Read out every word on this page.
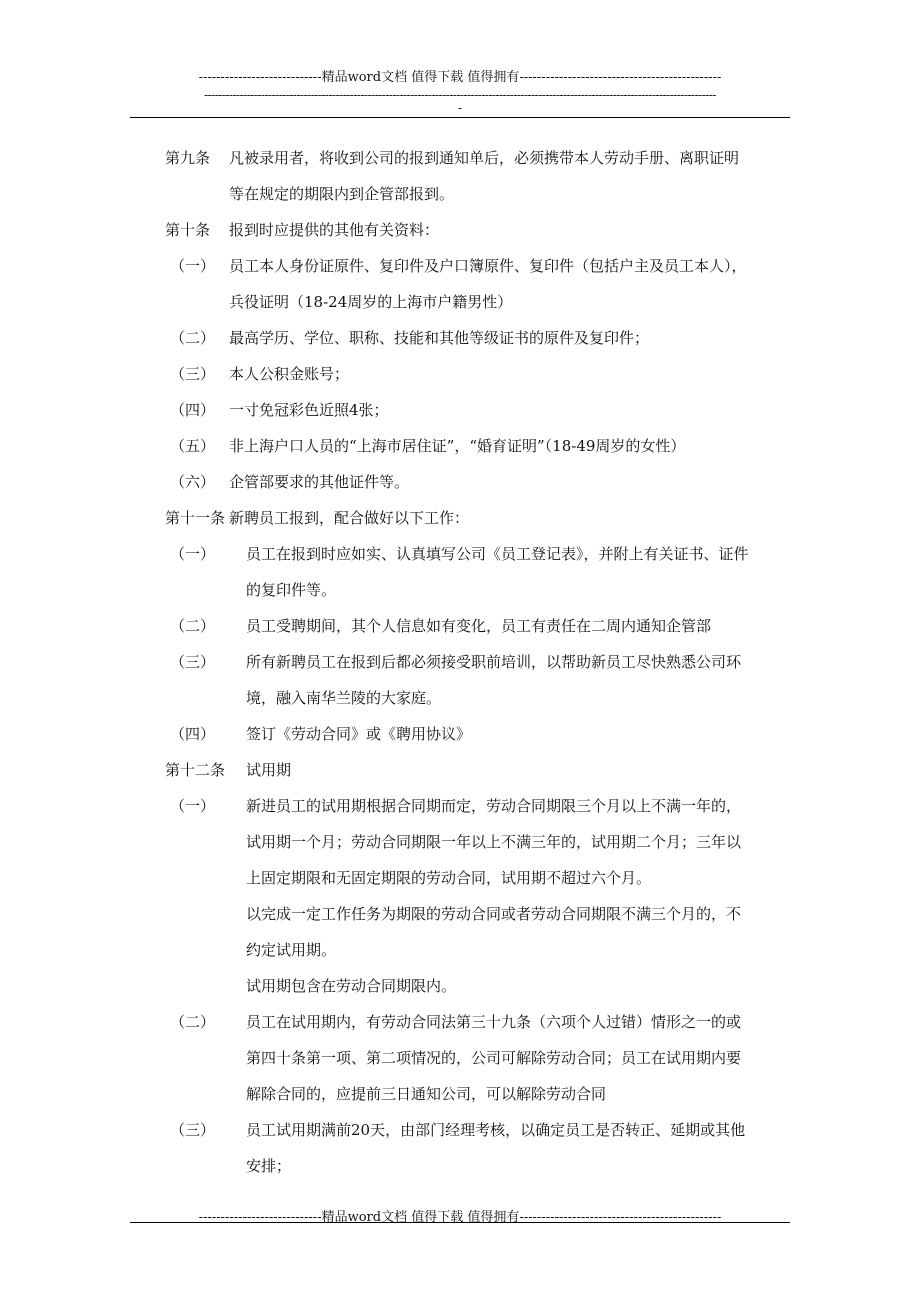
----------------------------精品word文档 值得下载 值得拥有----------------------------------------------
------------------------------------------------------------------------------------------------------------------------------------------------
-
第九条 凡被录用者，将收到公司的报到通知单后，必须携带本人劳动手册、离职证明
等在规定的期限内到企管部报到。
第十条 报到时应提供的其他有关资料：
（一） 员工本人身份证原件、复印件及户口簿原件、复印件（包括户主及员工本人），
兵役证明（18-24周岁的上海市户籍男性）
（二） 最高学历、学位、职称、技能和其他等级证书的原件及复印件；
（三） 本人公积金账号；
（四） 一寸免冠彩色近照4张；
（五） 非上海户口人员的“上海市居住证”，“婚育证明”（18-49周岁的女性）
（六） 企管部要求的其他证件等。
第十一条 新聘员工报到，配合做好以下工作：
（一） 员工在报到时应如实、认真填写公司《员工登记表》，并附上有关证书、证件
的复印件等。
（二） 员工受聘期间，其个人信息如有变化，员工有责任在二周内通知企管部
（三） 所有新聘员工在报到后都必须接受职前培训，以帮助新员工尽快熟悉公司环
境，融入南华兰陵的大家庭。
（四） 签订《劳动合同》或《聘用协议》
第十二条 试用期
（一） 新进员工的试用期根据合同期而定，劳动合同期限三个月以上不满一年的，
试用期一个月；劳动合同期限一年以上不满三年的，试用期二个月；三年以
上固定期限和无固定期限的劳动合同，试用期不超过六个月。
以完成一定工作任务为期限的劳动合同或者劳动合同期限不满三个月的，不
约定试用期。
试用期包含在劳动合同期限内。
（二） 员工在试用期内，有劳动合同法第三十九条（六项个人过错）情形之一的或
第四十条第一项、第二项情况的，公司可解除劳动合同；员工在试用期内要
解除合同的，应提前三日通知公司，可以解除劳动合同
（三） 员工试用期满前20天，由部门经理考核，以确定员工是否转正、延期或其他
安排；
----------------------------精品word文档 值得下载 值得拥有----------------------------------------------
